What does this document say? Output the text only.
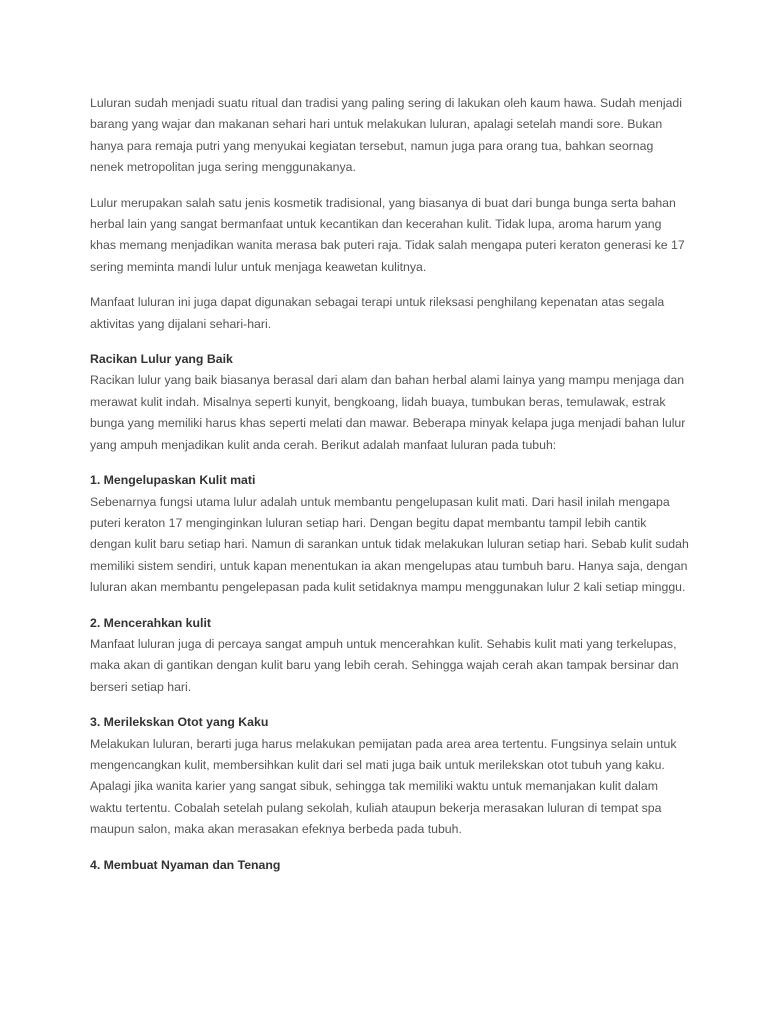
Luluran sudah menjadi suatu ritual dan tradisi yang paling sering di lakukan oleh kaum hawa. Sudah menjadi barang yang wajar dan makanan sehari hari untuk melakukan luluran, apalagi setelah mandi sore. Bukan hanya para remaja putri yang menyukai kegiatan tersebut, namun juga para orang tua, bahkan seornag nenek metropolitan juga sering menggunakanya.

Lulur merupakan salah satu jenis kosmetik tradisional, yang biasanya di buat dari bunga bunga serta bahan herbal lain yang sangat bermanfaat untuk kecantikan dan kecerahan kulit. Tidak lupa, aroma harum yang khas memang menjadikan wanita merasa bak puteri raja. Tidak salah mengapa puteri keraton generasi ke 17 sering meminta mandi lulur untuk menjaga keawetan kulitnya.

Manfaat luluran ini juga dapat digunakan sebagai terapi untuk rileksasi penghilang kepenatan atas segala aktivitas yang dijalani sehari-hari.

Racikan Lulur yang Baik

Racikan lulur yang baik biasanya berasal dari alam dan bahan herbal alami lainya yang mampu menjaga dan merawat kulit indah. Misalnya seperti kunyit, bengkoang, lidah buaya, tumbukan beras, temulawak, estrak bunga yang memiliki harus khas seperti melati dan mawar. Beberapa minyak kelapa juga menjadi bahan lulur yang ampuh menjadikan kulit anda cerah. Berikut adalah manfaat luluran pada tubuh:

1. Mengelupaskan Kulit mati

Sebenarnya fungsi utama lulur adalah untuk membantu pengelupasan kulit mati. Dari hasil inilah mengapa puteri keraton 17 menginginkan luluran setiap hari. Dengan begitu dapat membantu tampil lebih cantik dengan kulit baru setiap hari. Namun di sarankan untuk tidak melakukan luluran setiap hari. Sebab kulit sudah memiliki sistem sendiri, untuk kapan menentukan ia akan mengelupas atau tumbuh baru. Hanya saja, dengan luluran akan membantu pengelepasan pada kulit setidaknya mampu menggunakan lulur 2 kali setiap minggu.

2. Mencerahkan kulit

Manfaat luluran juga di percaya sangat ampuh untuk mencerahkan kulit. Sehabis kulit mati yang terkelupas, maka akan di gantikan dengan kulit baru yang lebih cerah. Sehingga wajah cerah akan tampak bersinar dan berseri setiap hari.

3. Merilekskan Otot yang Kaku

Melakukan luluran, berarti juga harus melakukan pemijatan pada area area tertentu. Fungsinya selain untuk mengencangkan kulit, membersihkan kulit dari sel mati juga baik untuk merilekskan otot tubuh yang kaku. Apalagi jika wanita karier yang sangat sibuk, sehingga tak memiliki waktu untuk memanjakan kulit dalam waktu tertentu. Cobalah setelah pulang sekolah, kuliah ataupun bekerja merasakan luluran di tempat spa maupun salon, maka akan merasakan efeknya berbeda pada tubuh.

4. Membuat Nyaman dan Tenang
